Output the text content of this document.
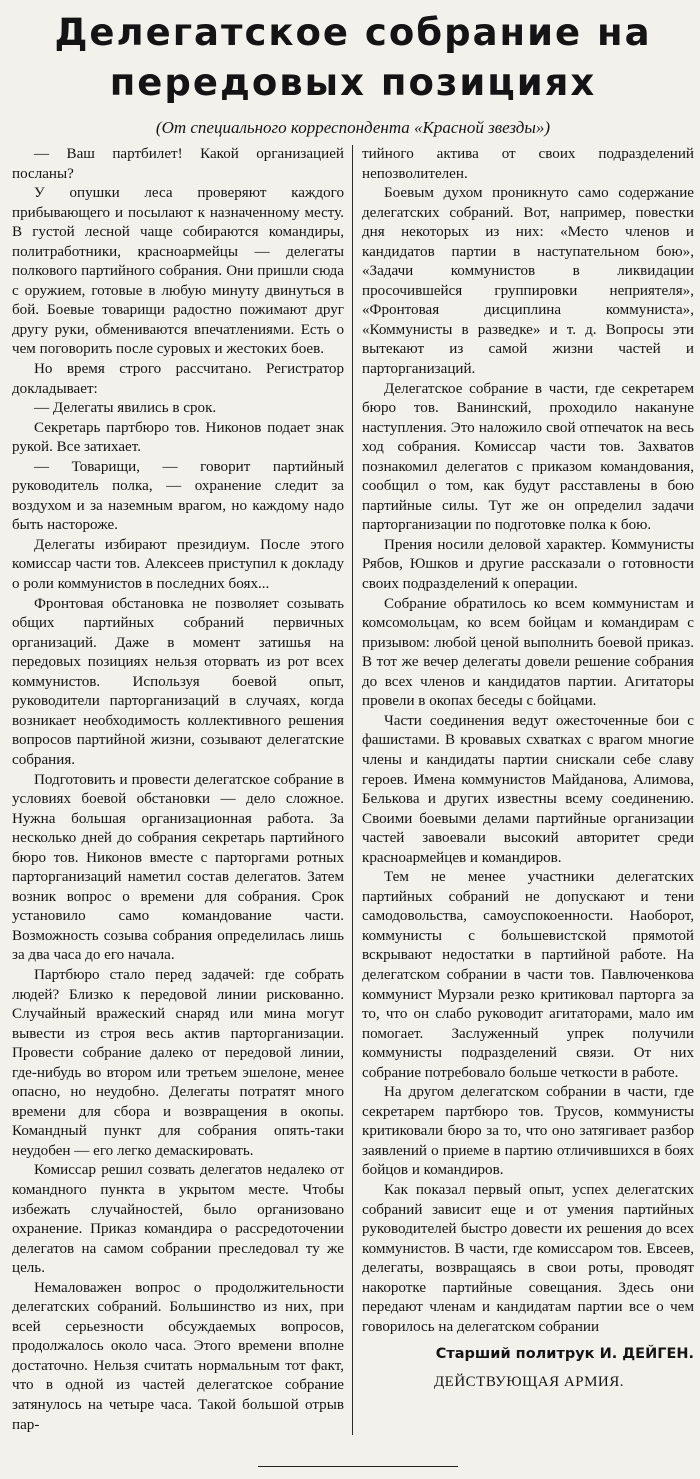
Делегатское собрание на
передовых позициях
(От специального корреспондента «Красной звезды»)

— Ваш партбилет! Какой организацией посланы?

У опушки леса проверяют каждого прибывающего и посылают к назначенному месту. В густой лесной чаще собираются командиры, политработники, красноармейцы — делегаты полкового партийного собрания. Они пришли сюда с оружием, готовые в любую минуту двинуться в бой. Боевые товарищи радостно пожимают друг другу руки, обмениваются впечатлениями. Есть о чем поговорить после суровых и жестоких боев.

Но время строго рассчитано. Регистратор докладывает:

— Делегаты явились в срок.

Секретарь партбюро тов. Никонов подает знак рукой. Все затихает.

— Товарищи, — говорит партийный руководитель полка, — охранение следит за воздухом и за наземным врагом, но каждому надо быть настороже.

Делегаты избирают президиум. После этого комиссар части тов. Алексеев приступил к докладу о роли коммунистов в последних боях...

Фронтовая обстановка не позволяет созывать общих партийных собраний первичных организаций. Даже в момент затишья на передовых позициях нельзя оторвать из рот всех коммунистов. Используя боевой опыт, руководители парторганизаций в случаях, когда возникает необходимость коллективного решения вопросов партийной жизни, созывают делегатские собрания.

Подготовить и провести делегатское собрание в условиях боевой обстановки — дело сложное. Нужна большая организационная работа. За несколько дней до собрания секретарь партийного бюро тов. Никонов вместе с парторгами ротных парторганизаций наметил состав делегатов. Затем возник вопрос о времени для собрания. Срок установило само командование части. Возможность созыва собрания определилась лишь за два часа до его начала.

Партбюро стало перед задачей: где собрать людей? Близко к передовой линии рискованно. Случайный вражеский снаряд или мина могут вывести из строя весь актив парторганизации. Провести собрание далеко от передовой линии, где-нибудь во втором или третьем эшелоне, менее опасно, но неудобно. Делегаты потратят много времени для сбора и возвращения в окопы. Командный пункт для собрания опять-таки неудобен — его легко демаскировать.

Комиссар решил созвать делегатов недалеко от командного пункта в укрытом месте. Чтобы избежать случайностей, было организовано охранение. Приказ командира о рассредоточении делегатов на самом собрании преследовал ту же цель.

Немаловажен вопрос о продолжительности делегатских собраний. Большинство из них, при всей серьезности обсуждаемых вопросов, продолжалось около часа. Этого времени вполне достаточно. Нельзя считать нормальным тот факт, что в одной из частей делегатское собрание затянулось на четыре часа. Такой большой отрыв пар-

тийного актива от своих подразделений непозволителен.

Боевым духом проникнуто само содержание делегатских собраний. Вот, например, повестки дня некоторых из них: «Место членов и кандидатов партии в наступательном бою», «Задачи коммунистов в ликвидации просочившейся группировки неприятеля», «Фронтовая дисциплина коммуниста», «Коммунисты в разведке» и т. д. Вопросы эти вытекают из самой жизни частей и парторганизаций.

Делегатское собрание в части, где секретарем бюро тов. Ванинский, проходило накануне наступления. Это наложило свой отпечаток на весь ход собрания. Комиссар части тов. Захватов познакомил делегатов с приказом командования, сообщил о том, как будут расставлены в бою партийные силы. Тут же он определил задачи парторганизации по подготовке полка к бою.

Прения носили деловой характер. Коммунисты Рябов, Юшков и другие рассказали о готовности своих подразделений к операции.

Собрание обратилось ко всем коммунистам и комсомольцам, ко всем бойцам и командирам с призывом: любой ценой выполнить боевой приказ. В тот же вечер делегаты довели решение собрания до всех членов и кандидатов партии. Агитаторы провели в окопах беседы с бойцами.

Части соединения ведут ожесточенные бои с фашистами. В кровавых схватках с врагом многие члены и кандидаты партии снискали себе славу героев. Имена коммунистов Майданова, Алимова, Белькова и других известны всему соединению. Своими боевыми делами партийные организации частей завоевали высокий авторитет среди красноармейцев и командиров.

Тем не менее участники делегатских партийных собраний не допускают и тени самодовольства, самоуспокоенности. Наоборот, коммунисты с большевистской прямотой вскрывают недостатки в партийной работе. На делегатском собрании в части тов. Павлюченкова коммунист Мурзали резко критиковал парторга за то, что он слабо руководит агитаторами, мало им помогает. Заслуженный упрек получили коммунисты подразделений связи. От них собрание потребовало больше четкости в работе.

На другом делегатском собрании в части, где секретарем партбюро тов. Трусов, коммунисты критиковали бюро за то, что оно затягивает разбор заявлений о приеме в партию отличившихся в боях бойцов и командиров.

Как показал первый опыт, успех делегатских собраний зависит еще и от умения партийных руководителей быстро довести их решения до всех коммунистов. В части, где комиссаром тов. Евсеев, делегаты, возвращаясь в свои роты, проводят накоротке партийные совещания. Здесь они передают членам и кандидатам партии все о чем говорилось на делегатском собрании

Старший политрук И. ДЕЙГЕН.
ДЕЙСТВУЮЩАЯ АРМИЯ.
